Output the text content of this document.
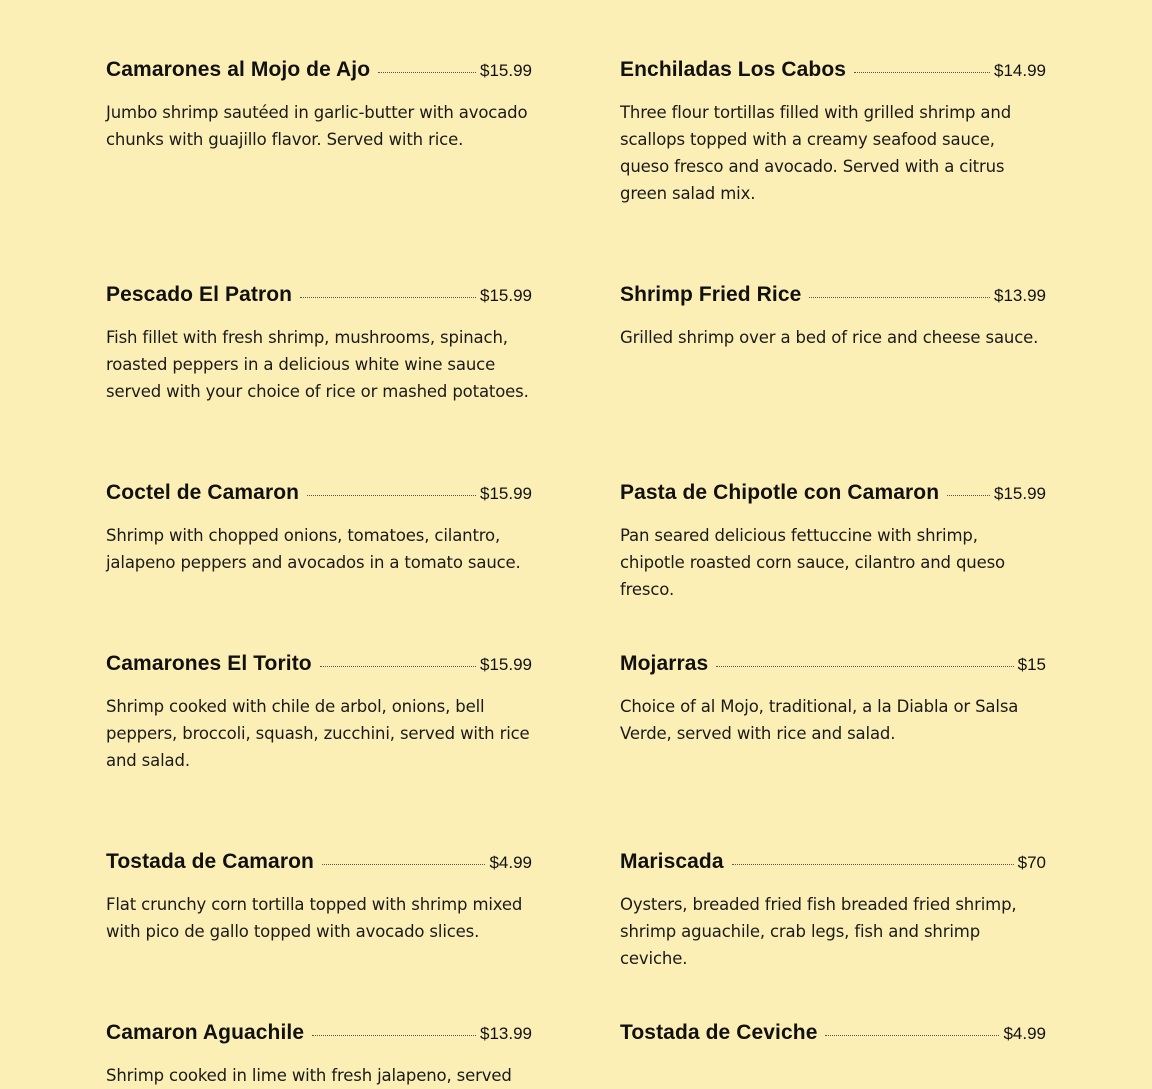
Camarones al Mojo de Ajo	$15.99
Jumbo shrimp sautéed in garlic-butter with avocado chunks with guajillo flavor. Served with rice.
Enchiladas Los Cabos	$14.99
Three flour tortillas filled with grilled shrimp and scallops topped with a creamy seafood sauce, queso fresco and avocado. Served with a citrus green salad mix.
Pescado El Patron	$15.99
Fish fillet with fresh shrimp, mushrooms, spinach, roasted peppers in a delicious white wine sauce served with your choice of rice or mashed potatoes.
Shrimp Fried Rice	$13.99
Grilled shrimp over a bed of rice and cheese sauce.
Coctel de Camaron	$15.99
Shrimp with chopped onions, tomatoes, cilantro, jalapeno peppers and avocados in a tomato sauce.
Pasta de Chipotle con Camaron	$15.99
Pan seared delicious fettuccine with shrimp, chipotle roasted corn sauce, cilantro and queso fresco.
Camarones El Torito	$15.99
Shrimp cooked with chile de arbol, onions, bell peppers, broccoli, squash, zucchini, served with rice and salad.
Mojarras	$15
Choice of al Mojo, traditional, a la Diabla or Salsa Verde, served with rice and salad.
Tostada de Camaron	$4.99
Flat crunchy corn tortilla topped with shrimp mixed with pico de gallo topped with avocado slices.
Mariscada	$70
Oysters, breaded fried fish breaded fried shrimp, shrimp aguachile, crab legs, fish and shrimp ceviche.
Camaron Aguachile	$13.99
Shrimp cooked in lime with fresh jalapeno, served
Tostada de Ceviche	$4.99
